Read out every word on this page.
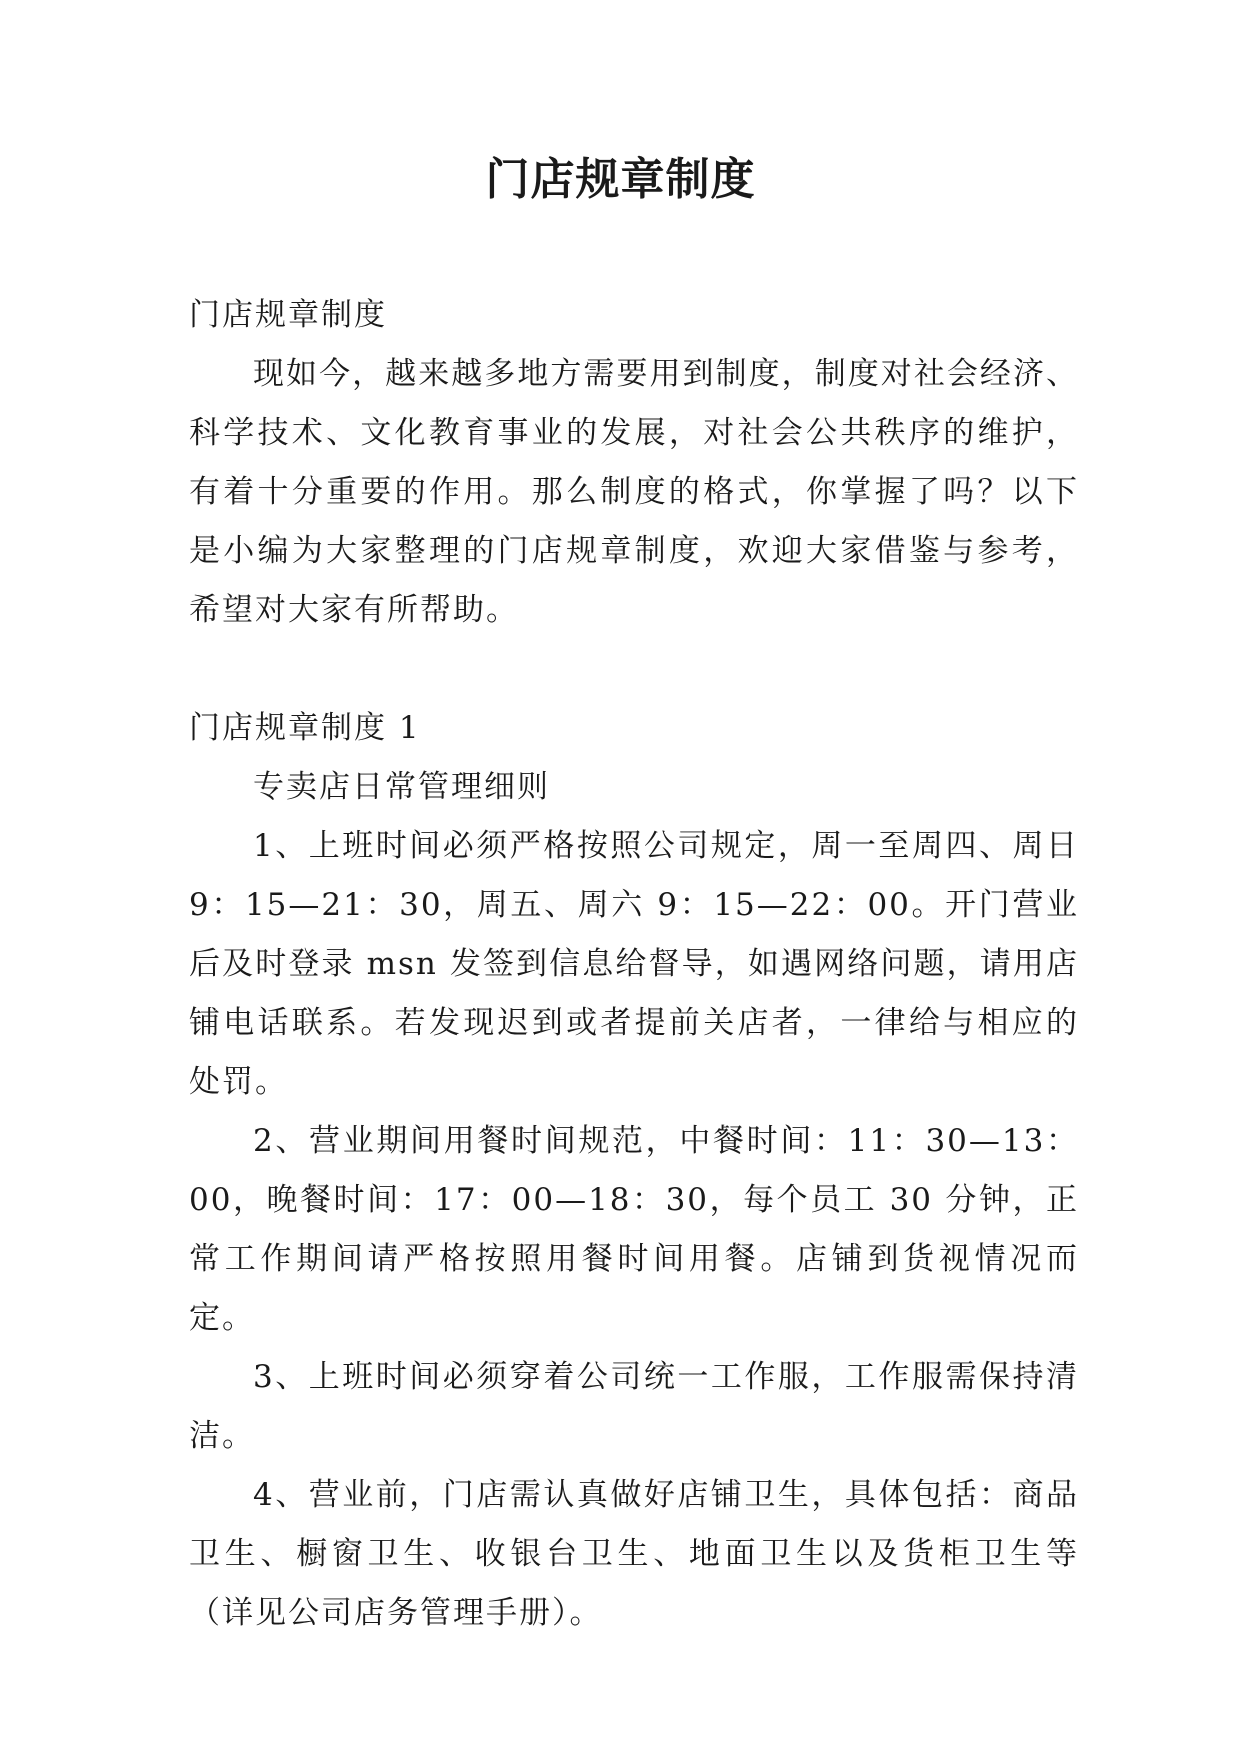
门店规章制度

门店规章制度

现如今，越来越多地方需要用到制度，制度对社会经济、科学技术、文化教育事业的发展，对社会公共秩序的维护，有着十分重要的作用。那么制度的格式，你掌握了吗？以下是小编为大家整理的门店规章制度，欢迎大家借鉴与参考，希望对大家有所帮助。

门店规章制度 1

专卖店日常管理细则

1、上班时间必须严格按照公司规定，周一至周四、周日 9：15—21：30，周五、周六 9：15—22：00。开门营业后及时登录 msn 发签到信息给督导，如遇网络问题，请用店铺电话联系。若发现迟到或者提前关店者，一律给与相应的处罚。

2、营业期间用餐时间规范，中餐时间：11：30—13：00，晚餐时间：17：00—18：30，每个员工 30 分钟，正常工作期间请严格按照用餐时间用餐。店铺到货视情况而定。

3、上班时间必须穿着公司统一工作服，工作服需保持清洁。

4、营业前，门店需认真做好店铺卫生，具体包括：商品卫生、橱窗卫生、收银台卫生、地面卫生以及货柜卫生等（详见公司店务管理手册）。
